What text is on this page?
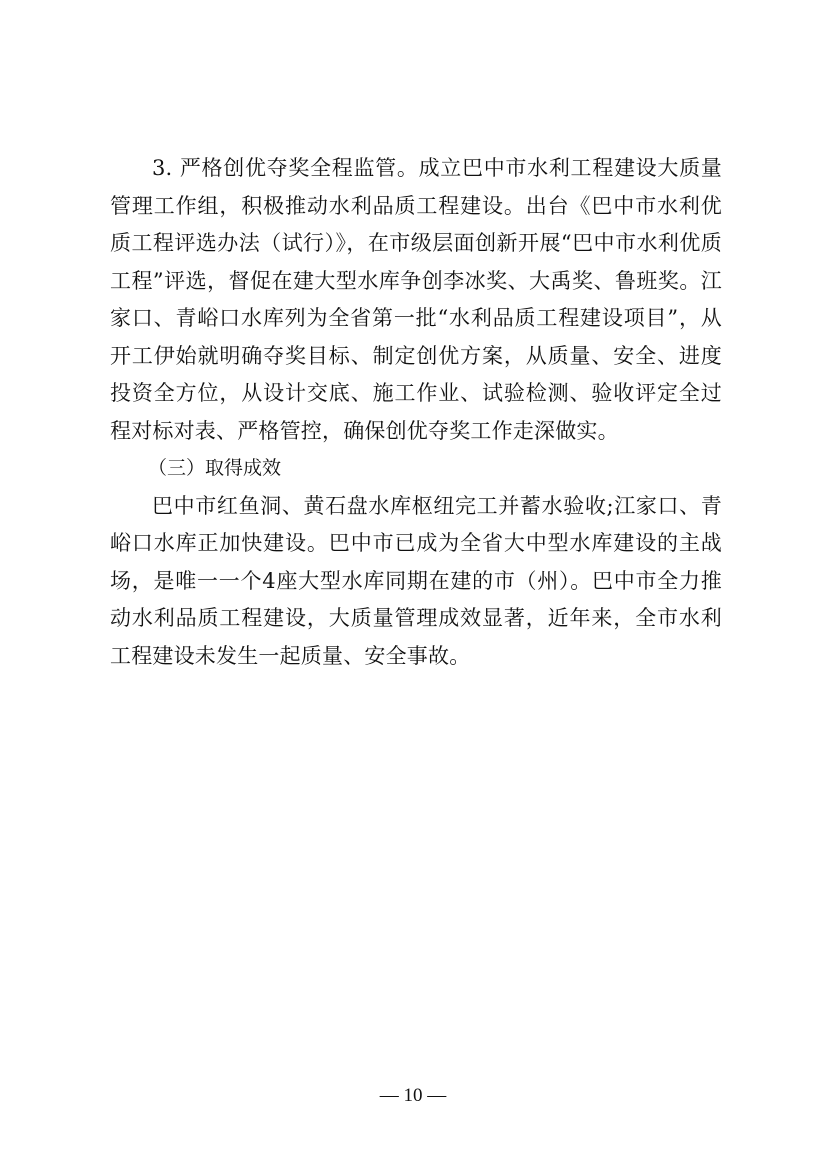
3. 严格创优夺奖全程监管。成立巴中市水利工程建设大质量管理工作组，积极推动水利品质工程建设。出台《巴中市水利优质工程评选办法（试行）》，在市级层面创新开展“巴中市水利优质工程”评选，督促在建大型水库争创李冰奖、大禹奖、鲁班奖。江家口、青峪口水库列为全省第一批“水利品质工程建设项目”，从开工伊始就明确夺奖目标、制定创优方案，从质量、安全、进度投资全方位，从设计交底、施工作业、试验检测、验收评定全过程对标对表、严格管控，确保创优夺奖工作走深做实。

（三）取得成效

巴中市红鱼洞、黄石盘水库枢纽完工并蓄水验收;江家口、青峪口水库正加快建设。巴中市已成为全省大中型水库建设的主战场，是唯一一个4座大型水库同期在建的市（州）。巴中市全力推动水利品质工程建设，大质量管理成效显著，近年来，全市水利工程建设未发生一起质量、安全事故。

— 10 —
